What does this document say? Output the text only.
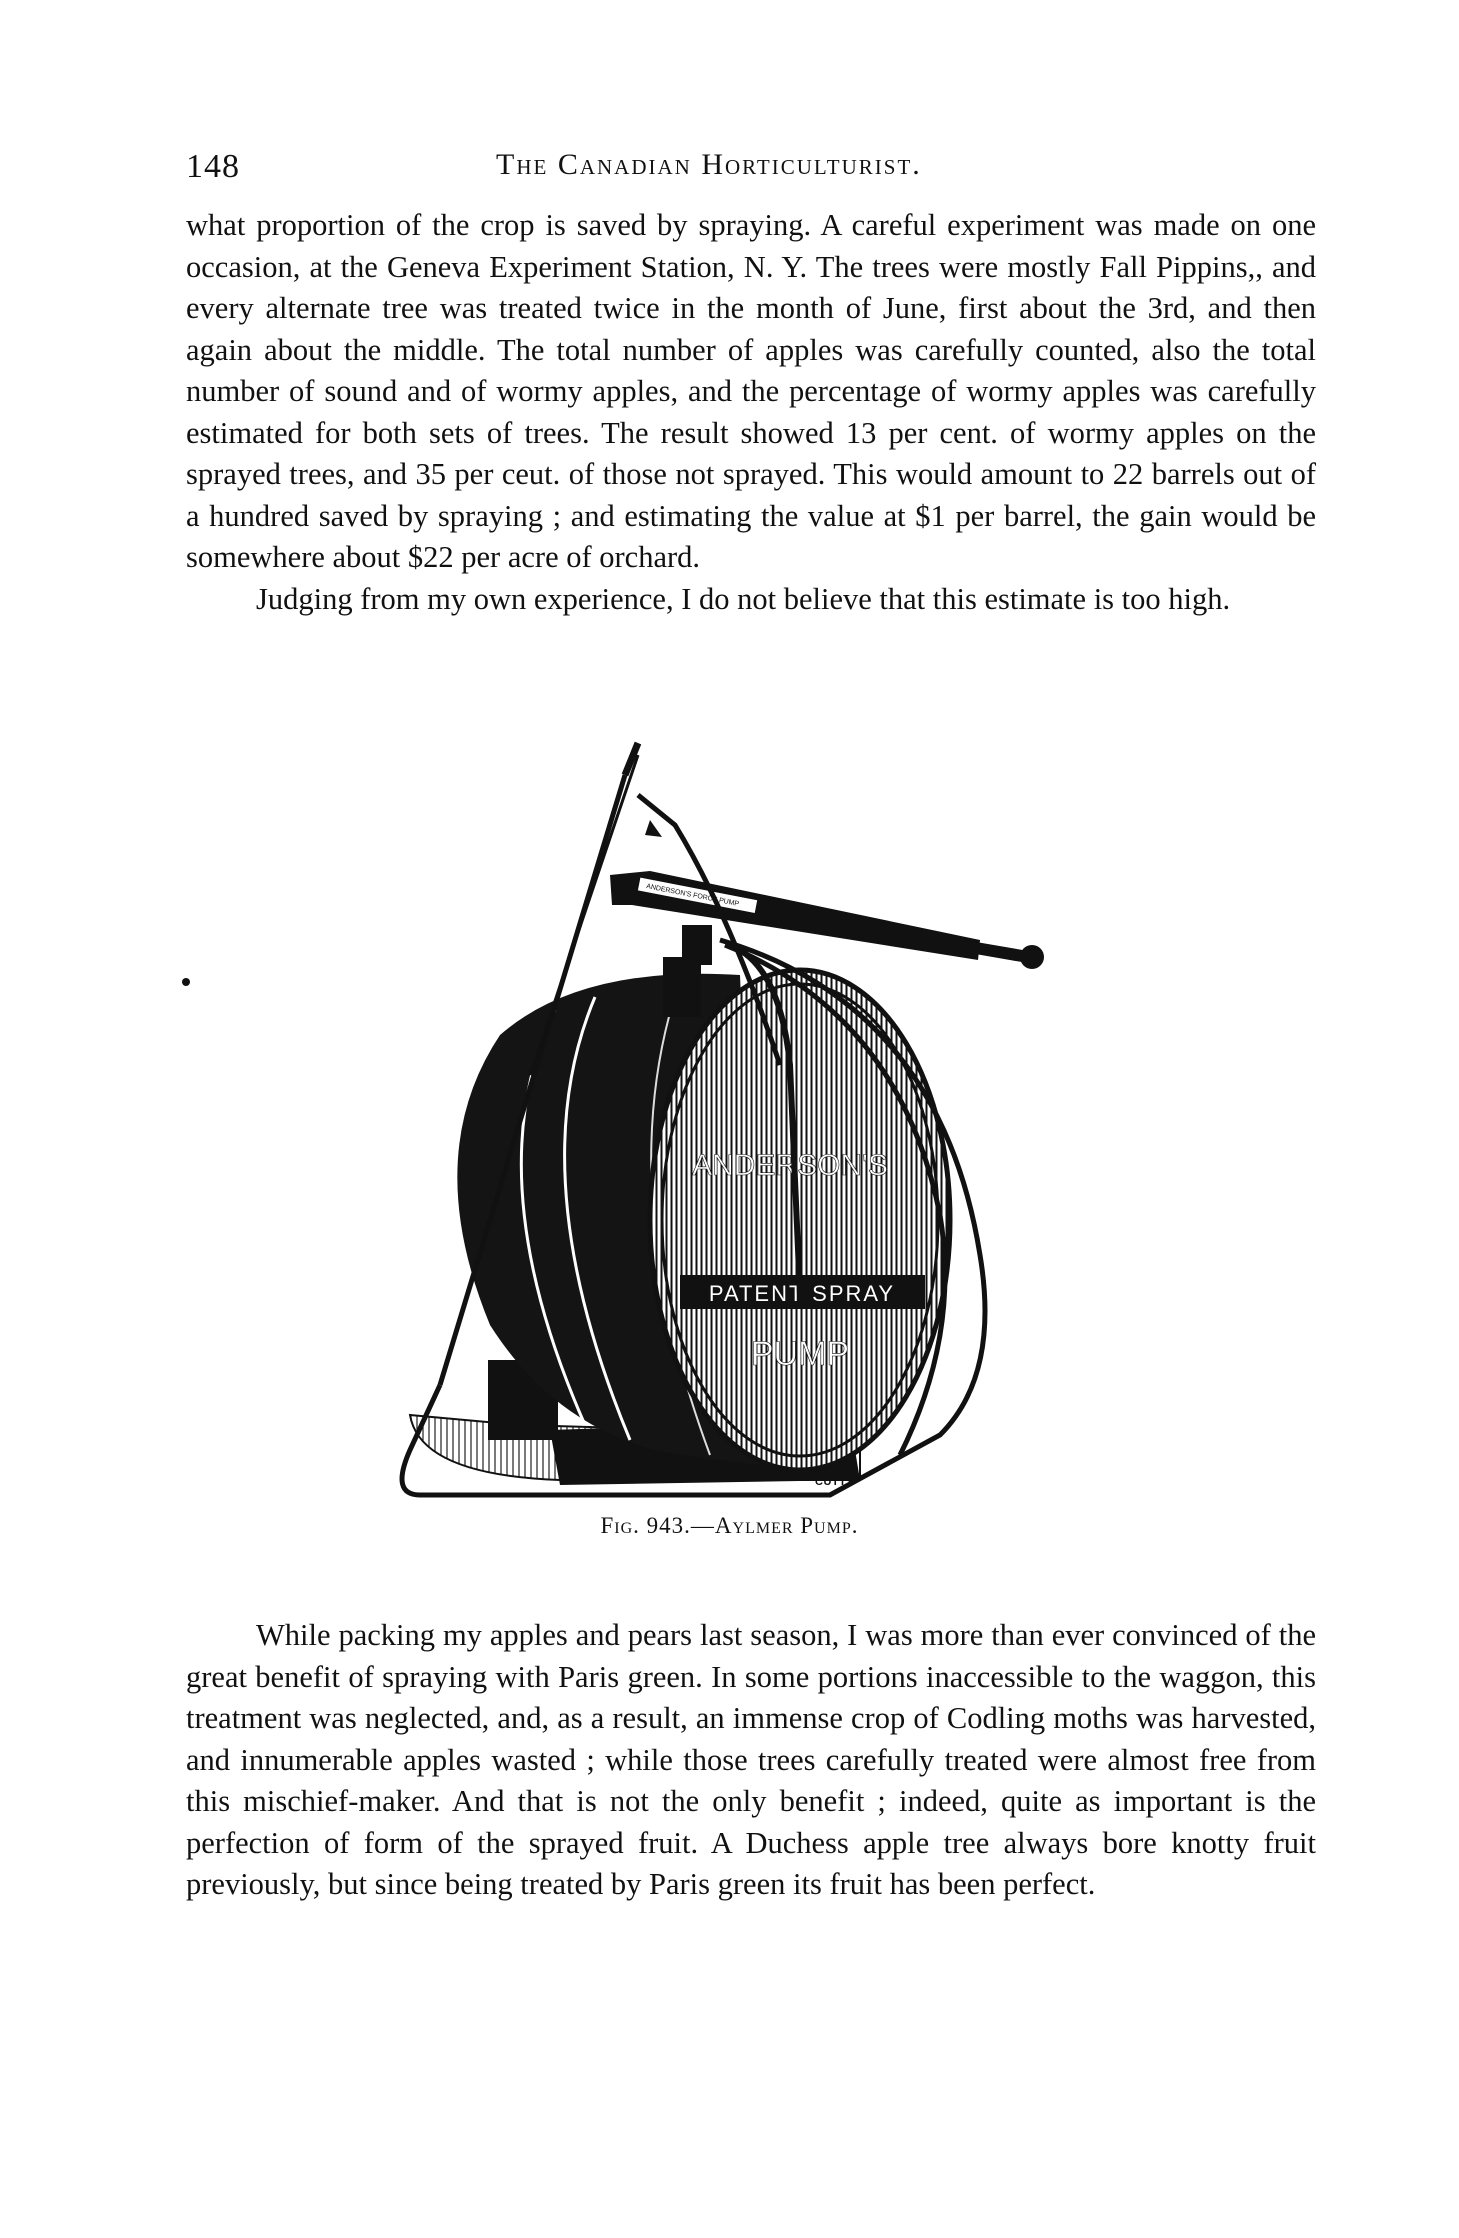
148	The Canadian Horticulturist.

what proportion of the crop is saved by spraying. A careful experiment was made on one occasion, at the Geneva Experiment Station, N. Y. The trees were mostly Fall Pippins,, and every alternate tree was treated twice in the month of June, first about the 3rd, and then again about the middle. The total number of apples was carefully counted, also the total number of sound and of wormy apples, and the percentage of wormy apples was carefully estimated for both sets of trees. The result showed 13 per cent. of wormy apples on the sprayed trees, and 35 per ceut. of those not sprayed. This would amount to 22 barrels out of a hundred saved by spraying ; and estimating the value at $1 per barrel, the gain would be somewhere about $22 per acre of orchard.

Judging from my own experience, I do not believe that this estimate is too high.

ANDERSON'S
PATENT SPRAY
PUMP
ANDERSON'S FORCE PUMP
CUTTS
Fig. 943.—Aylmer Pump.

While packing my apples and pears last season, I was more than ever convinced of the great benefit of spraying with Paris green. In some portions inaccessible to the waggon, this treatment was neglected, and, as a result, an immense crop of Codling moths was harvested, and innumerable apples wasted ; while those trees carefully treated were almost free from this mischief-maker. And that is not the only benefit ; indeed, quite as important is the perfection of form of the sprayed fruit. A Duchess apple tree always bore knotty fruit previously, but since being treated by Paris green its fruit has been perfect.
